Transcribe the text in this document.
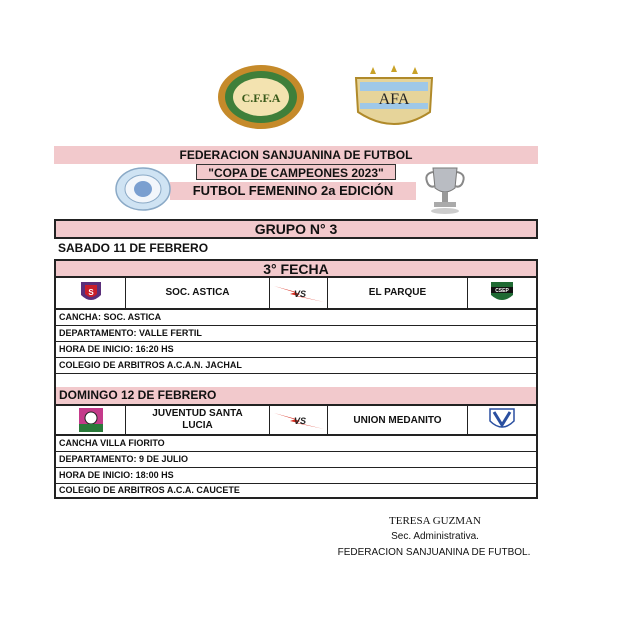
C.F.F.A	AFA
FEDERACION SANJUANINA DE FUTBOL
"COPA DE CAMPEONES 2023"
FUTBOL FEMENINO 2a EDICIÓN
GRUPO N° 3
SABADO 11 DE FEBRERO
3° FECHA
S	SOC. ASTICA	VS	EL PARQUE	CSEP
CANCHA: SOC. ASTICA
DEPARTAMENTO: VALLE FERTIL
HORA DE INICIO: 16:20 HS
COLEGIO DE ARBITROS A.C.A.N. JACHAL
DOMINGO 12 DE FEBRERO
JUVENTUD SANTA LUCIA	VS	UNION MEDANITO
CANCHA VILLA FIORITO
DEPARTAMENTO: 9 DE JULIO
HORA DE INICIO: 18:00 HS
COLEGIO DE ARBITROS A.C.A. CAUCETE
TERESA GUZMAN
Sec. Administrativa.
FEDERACION SANJUANINA DE FUTBOL.
